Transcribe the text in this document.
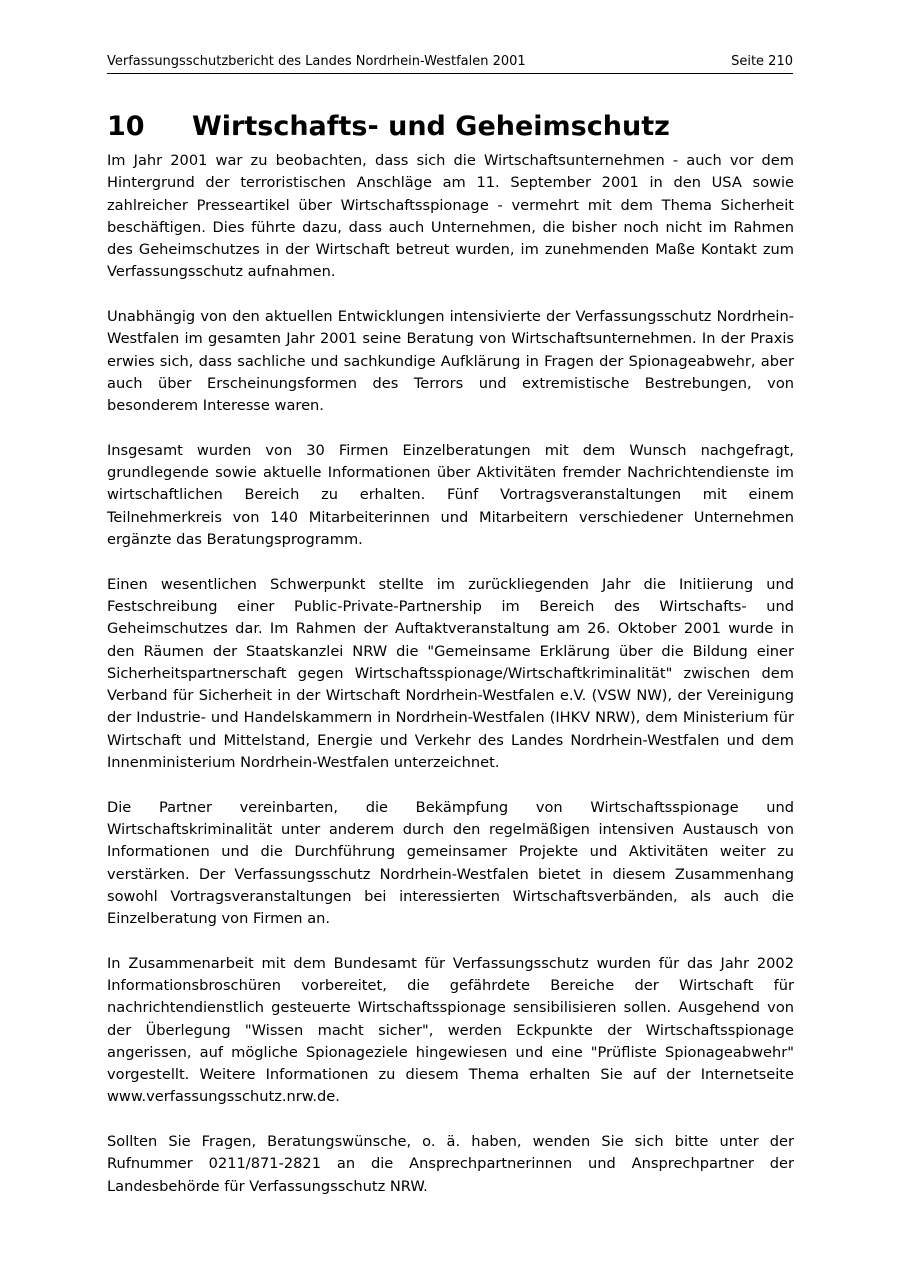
Verfassungsschutzbericht des Landes Nordrhein-Westfalen 2001	Seite 210
10 Wirtschafts- und Geheimschutz

Im Jahr 2001 war zu beobachten, dass sich die Wirtschaftsunternehmen - auch vor dem Hintergrund der terroristischen Anschläge am 11. September 2001 in den USA sowie zahlreicher Presseartikel über Wirtschaftsspionage - vermehrt mit dem Thema Sicherheit beschäftigen. Dies führte dazu, dass auch Unternehmen, die bisher noch nicht im Rahmen des Geheimschutzes in der Wirtschaft betreut wurden, im zunehmenden Maße Kontakt zum Verfassungsschutz aufnahmen.

Unabhängig von den aktuellen Entwicklungen intensivierte der Verfassungsschutz Nordrhein-Westfalen im gesamten Jahr 2001 seine Beratung von Wirtschaftsunternehmen. In der Praxis erwies sich, dass sachliche und sachkundige Aufklärung in Fragen der Spionageabwehr, aber auch über Erscheinungsformen des Terrors und extremistische Bestrebungen, von besonderem Interesse waren.

Insgesamt wurden von 30 Firmen Einzelberatungen mit dem Wunsch nachgefragt, grundlegende sowie aktuelle Informationen über Aktivitäten fremder Nachrichtendienste im wirtschaftlichen Bereich zu erhalten. Fünf Vortragsveranstaltungen mit einem Teilnehmerkreis von 140 Mitarbeiterinnen und Mitarbeitern verschiedener Unternehmen ergänzte das Beratungsprogramm.

Einen wesentlichen Schwerpunkt stellte im zurückliegenden Jahr die Initiierung und Festschreibung einer Public-Private-Partnership im Bereich des Wirtschafts- und Geheimschutzes dar. Im Rahmen der Auftaktveranstaltung am 26. Oktober 2001 wurde in den Räumen der Staatskanzlei NRW die "Gemeinsame Erklärung über die Bildung einer Sicherheitspartnerschaft gegen Wirtschaftsspionage/Wirtschaftkriminalität" zwischen dem Verband für Sicherheit in der Wirtschaft Nordrhein-Westfalen e.V. (VSW NW), der Vereinigung der Industrie- und Handelskammern in Nordrhein-Westfalen (IHKV NRW), dem Ministerium für Wirtschaft und Mittelstand, Energie und Verkehr des Landes Nordrhein-Westfalen und dem Innenministerium Nordrhein-Westfalen unterzeichnet.

Die Partner vereinbarten, die Bekämpfung von Wirtschaftsspionage und Wirtschaftskriminalität unter anderem durch den regelmäßigen intensiven Austausch von Informationen und die Durchführung gemeinsamer Projekte und Aktivitäten weiter zu verstärken. Der Verfassungsschutz Nordrhein-Westfalen bietet in diesem Zusammenhang sowohl Vortragsveranstaltungen bei interessierten Wirtschaftsverbänden, als auch die Einzelberatung von Firmen an.

In Zusammenarbeit mit dem Bundesamt für Verfassungsschutz wurden für das Jahr 2002 Informationsbroschüren vorbereitet, die gefährdete Bereiche der Wirtschaft für nachrichtendienstlich gesteuerte Wirtschaftsspionage sensibilisieren sollen. Ausgehend von der Überlegung "Wissen macht sicher", werden Eckpunkte der Wirtschaftsspionage angerissen, auf mögliche Spionageziele hingewiesen und eine "Prüfliste Spionageabwehr" vorgestellt. Weitere Informationen zu diesem Thema erhalten Sie auf der Internetseite www.verfassungsschutz.nrw.de.

Sollten Sie Fragen, Beratungswünsche, o. ä. haben, wenden Sie sich bitte unter der Rufnummer 0211/871-2821 an die Ansprechpartnerinnen und Ansprechpartner der Landesbehörde für Verfassungsschutz NRW.
